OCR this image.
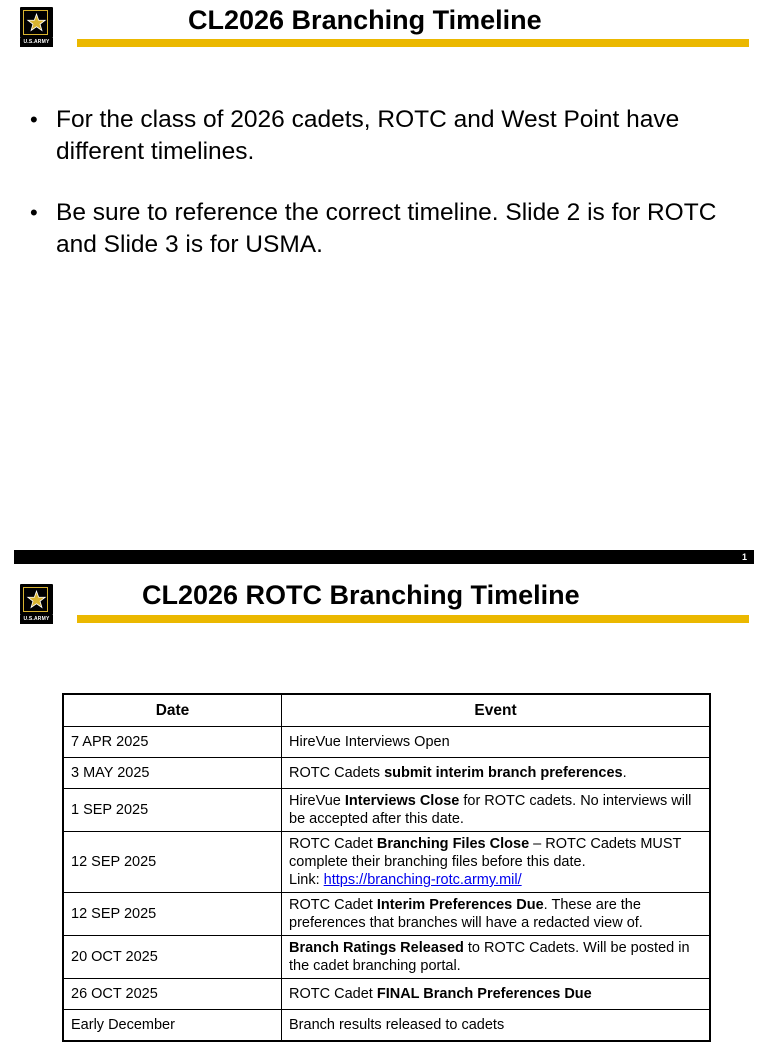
U.S.ARMY
CL2026 Branching Timeline
• For the class of 2026 cadets, ROTC and West Point have different timelines.
• Be sure to reference the correct timeline. Slide 2 is for ROTC and Slide 3 is for USMA.
1
U.S.ARMY
CL2026 ROTC Branching Timeline
Date	Event
7 APR 2025	HireVue Interviews Open
3 MAY 2025	ROTC Cadets submit interim branch preferences.
1 SEP 2025	HireVue Interviews Close for ROTC cadets. No interviews will be accepted after this date.
12 SEP 2025	ROTC Cadet Branching Files Close – ROTC Cadets MUST complete their branching files before this date.
Link: https://branching-rotc.army.mil/
12 SEP 2025	ROTC Cadet Interim Preferences Due. These are the preferences that branches will have a redacted view of.
20 OCT 2025	Branch Ratings Released to ROTC Cadets. Will be posted in the cadet branching portal.
26 OCT 2025	ROTC Cadet FINAL Branch Preferences Due
Early December	Branch results released to cadets
